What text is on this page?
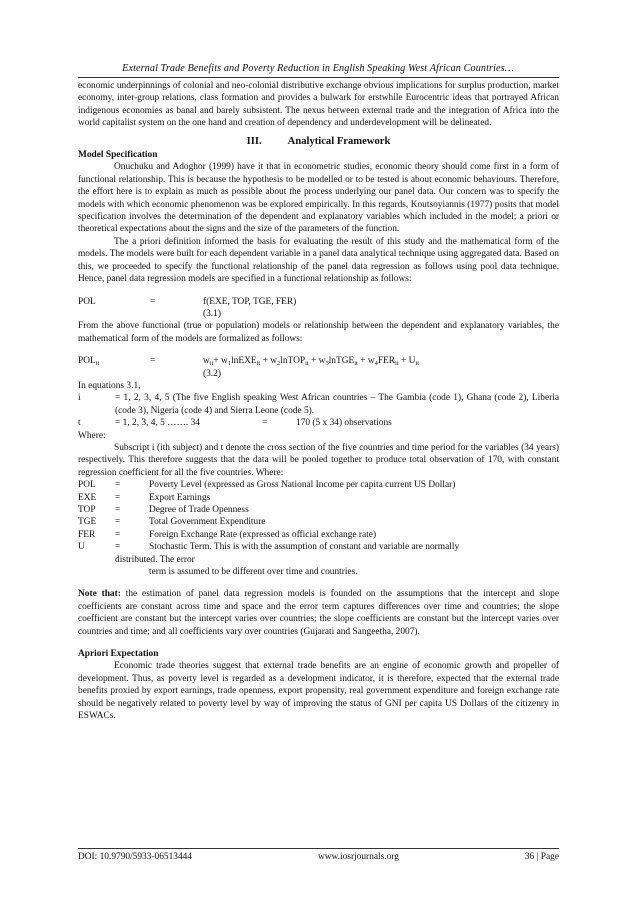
External Trade Benefits and Poverty Reduction in English Speaking West African Countries…

economic underpinnings of colonial and neo-colonial distributive exchange obvious implications for surplus production, market economy, inter-group relations, class formation and provides a bulwark for erstwhile Eurocentric ideas that portrayed African indigenous economies as banal and barely subsistent. The nexus between external trade and the integration of Africa into the world capitalist system on the one hand and creation of dependency and underdevelopment will be delineated.

III. Analytical Framework
Model Specification

Onuchuku and Adoghor (1999) have it that in econometric studies, economic theory should come first in a form of functional relationship. This is because the hypothesis to be modelled or to be tested is about economic behaviours. Therefore, the effort here is to explain as much as possible about the process underlying our panel data. Our concern was to specify the models with which economic phenomenon was be explored empirically. In this regards, Koutsoyiannis (1977) posits that model specification involves the determination of the dependent and explanatory variables which included in the model; a priori or theoretical expectations about the signs and the size of the parameters of the function.

The a priori definition informed the basis for evaluating the result of this study and the mathematical form of the models. The models were built for each dependent variable in a panel data analytical technique using aggregated data. Based on this, we proceeded to specify the functional relationship of the panel data regression as follows using pool data technique. Hence, panel data regression models are specified in a functional relationship as follows:

POL	=	f(EXE, TOP, TGE, FER)
(3.1)

From the above functional (true or population) models or relationship between the dependent and explanatory variables, the mathematical form of the models are formalized as follows:

$POL_{it}$	=	$w_{it}+$ $w_1lnEXE_{it}$ + $w_2lnTOP_{it}$ + $w_3lnTGE_{it} + w_4FER_{it} + U_{it}$
(3.2)
In equations 3.1,
i	= 1, 2, 3, 4, 5 (The five English speaking West African countries – The Gambia (code 1), Ghana (code 2), Liberia (code 3), Nigeria (code 4) and Sierra Leone (code 5).
t	= 1, 2, 3, 4, 5 ……. 34	=	170 (5 x 34) observations
Where:

Subscript i (ith subject) and t denote the cross section of the five countries and time period for the variables (34 years) respectively. This therefore suggests that the data will be pooled together to produce total observation of 170, with constant regression coefficient for all the five countries. Where:

POL	=	Poverty Level (expressed as Gross National Income per capita current US Dollar)
EXE	=	Export Earnings
TOP	=	Degree of Trade Openness
TGE	=	Total Government Expenditure
FER	=	Foreign Exchange Rate (expressed as official exchange rate)
U	=	Stochastic Term. This is with the assumption of constant and variable are normally
distributed. The error
term is assumed to be different over time and countries.

Note that: the estimation of panel data regression models is founded on the assumptions that the intercept and slope coefficients are constant across time and space and the error term captures differences over time and countries; the slope coefficient are constant but the intercept varies over countries; the slope coefficients are constant but the intercept varies over countries and time; and all coefficients vary over countries (Gujarati and Sangeetha, 2007).

Apriori Expectation

Economic trade theories suggest that external trade benefits are an engine of economic growth and propeller of development. Thus, as poverty level is regarded as a development indicator, it is therefore, expected that the external trade benefits proxied by export earnings, trade openness, export propensity, real government expenditure and foreign exchange rate should be negatively related to poverty level by way of improving the status of GNI per capita US Dollars of the citizenry in ESWACs.

DOI: 10.9790/5933-06513444	www.iosrjournals.org	36 | Page
